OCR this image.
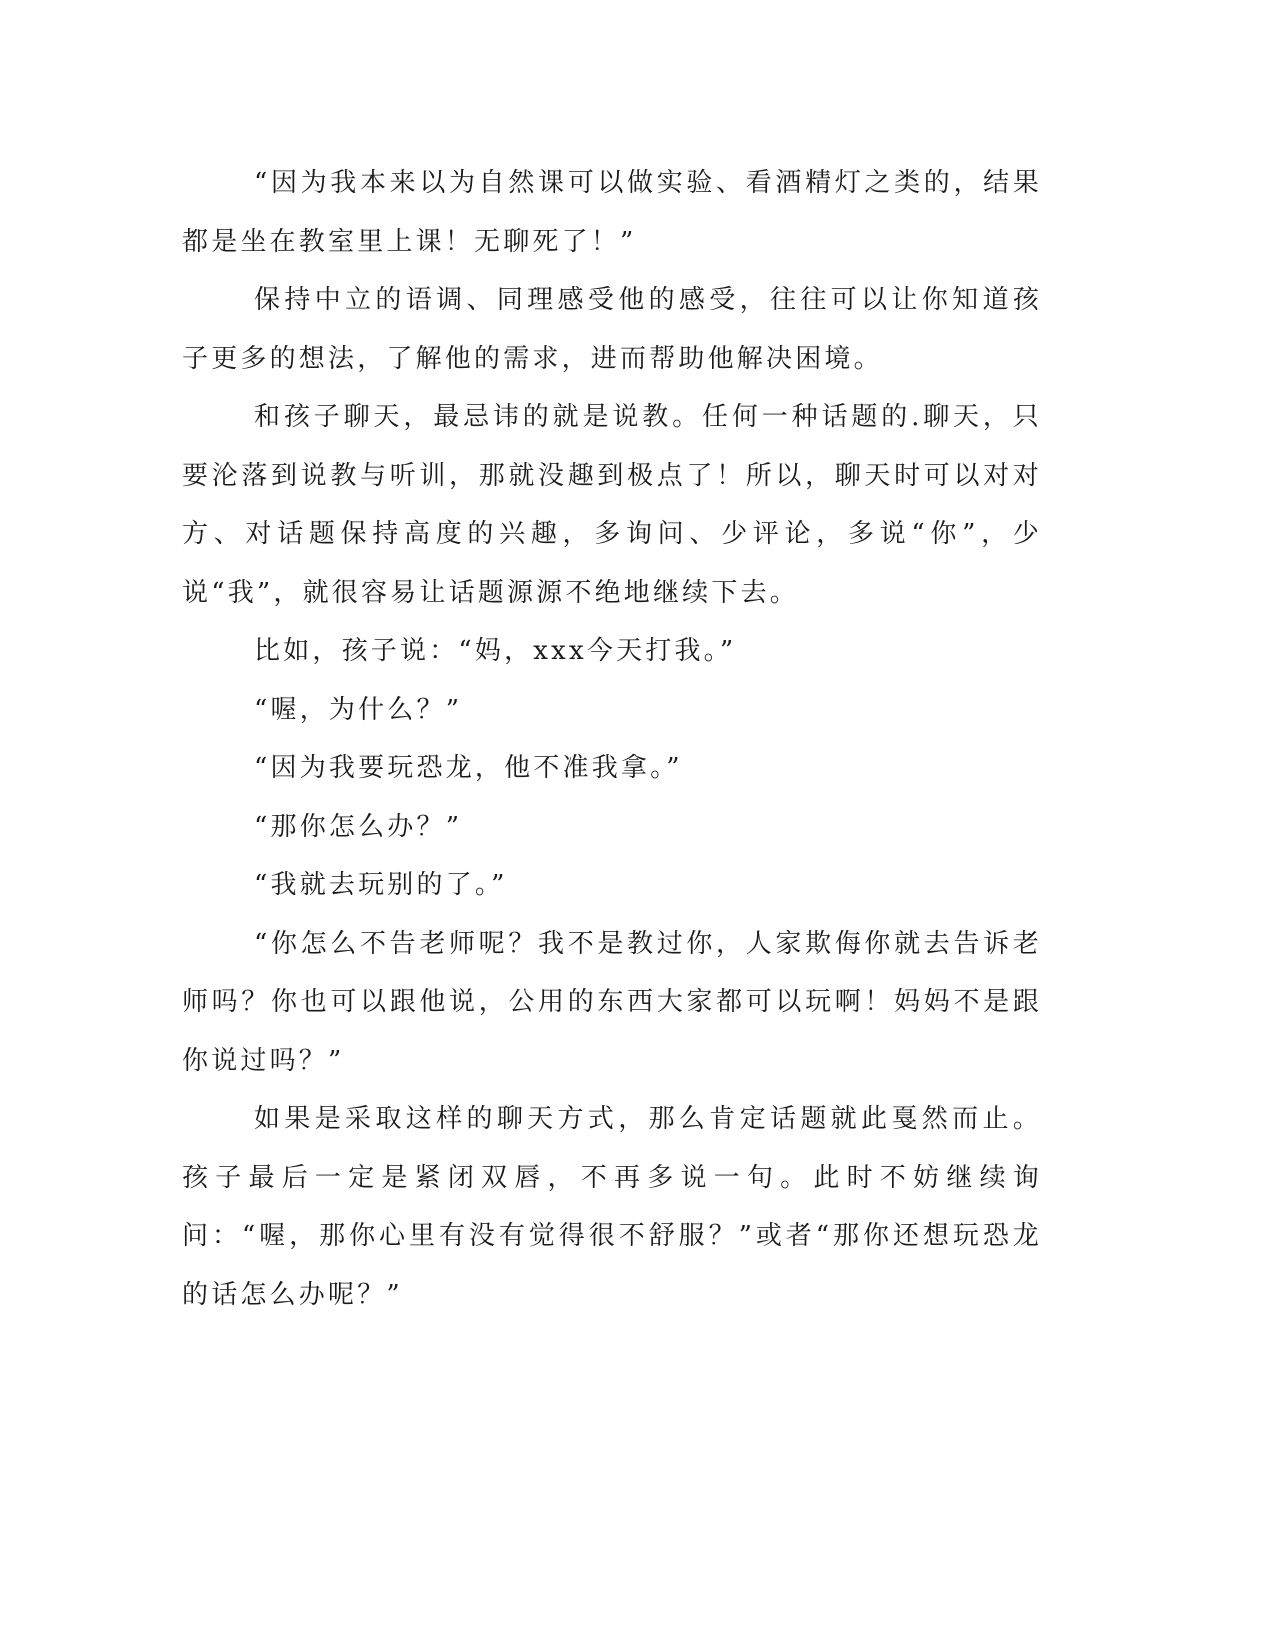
“因为我本来以为自然课可以做实验、看酒精灯之类的，结果都是坐在教室里上课！无聊死了！”

保持中立的语调、同理感受他的感受，往往可以让你知道孩子更多的想法，了解他的需求，进而帮助他解决困境。

和孩子聊天，最忌讳的就是说教。任何一种话题的.聊天，只要沦落到说教与听训，那就没趣到极点了！所以，聊天时可以对对方、对话题保持高度的兴趣，多询问、少评论，多说“你”，少说“我”，就很容易让话题源源不绝地继续下去。

比如，孩子说：“妈，xxx今天打我。”

“喔，为什么？”

“因为我要玩恐龙，他不准我拿。”

“那你怎么办？”

“我就去玩别的了。”

“你怎么不告老师呢？我不是教过你，人家欺侮你就去告诉老师吗？你也可以跟他说，公用的东西大家都可以玩啊！妈妈不是跟你说过吗？”

如果是采取这样的聊天方式，那么肯定话题就此戛然而止。孩子最后一定是紧闭双唇，不再多说一句。此时不妨继续询问：“喔，那你心里有没有觉得很不舒服？”或者“那你还想玩恐龙的话怎么办呢？”
